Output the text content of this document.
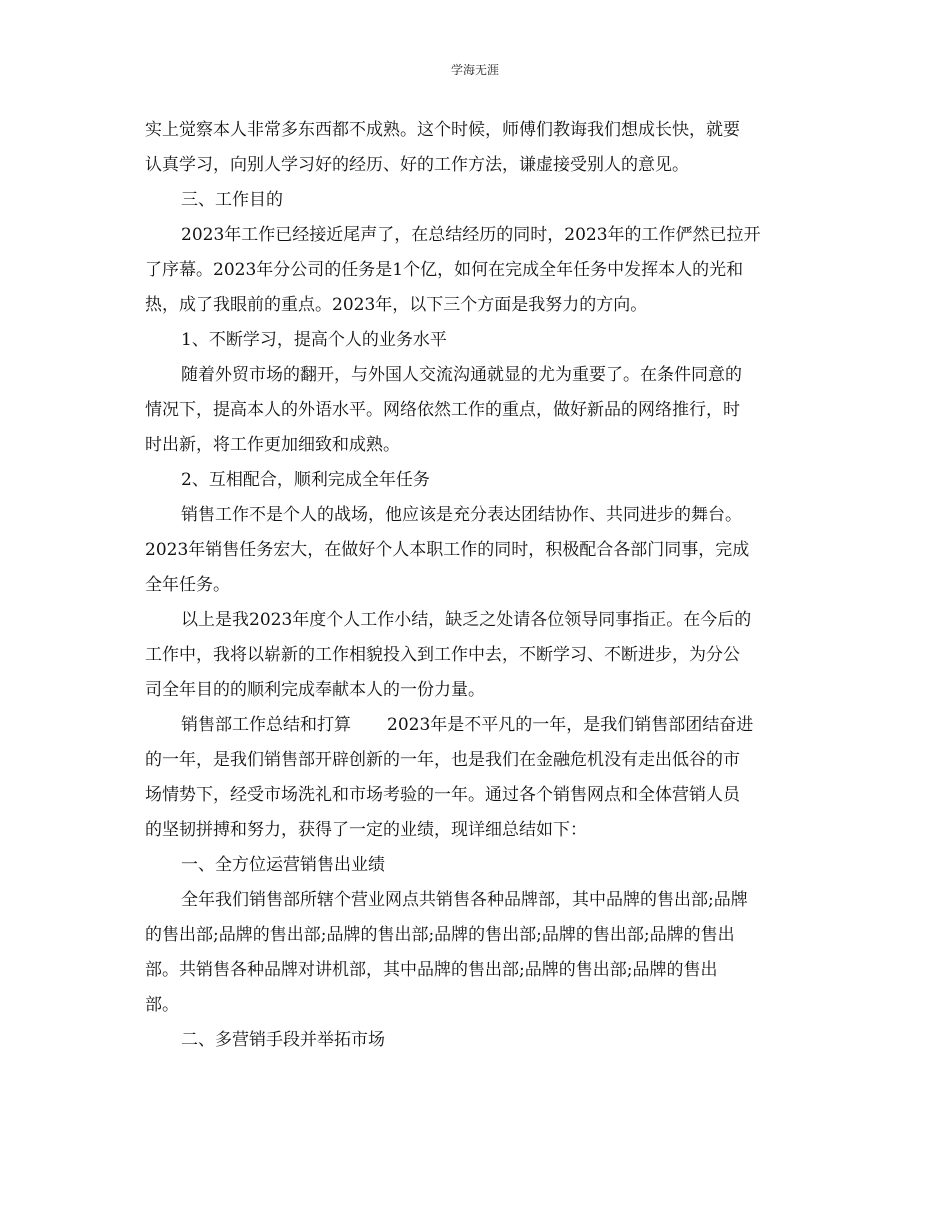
学海无涯
实上觉察本人非常多东西都不成熟。这个时候，师傅们教诲我们想成长快，就要
认真学习，向别人学习好的经历、好的工作方法，谦虚接受别人的意见。
三、工作目的
2023年工作已经接近尾声了，在总结经历的同时，2023年的工作俨然已拉开
了序幕。2023年分公司的任务是1个亿，如何在完成全年任务中发挥本人的光和
热，成了我眼前的重点。2023年，以下三个方面是我努力的方向。
1、不断学习，提高个人的业务水平
随着外贸市场的翻开，与外国人交流沟通就显的尤为重要了。在条件同意的
情况下，提高本人的外语水平。网络依然工作的重点，做好新品的网络推行，时
时出新，将工作更加细致和成熟。
2、互相配合，顺利完成全年任务
销售工作不是个人的战场，他应该是充分表达团结协作、共同进步的舞台。
2023年销售任务宏大，在做好个人本职工作的同时，积极配合各部门同事，完成
全年任务。
以上是我2023年度个人工作小结，缺乏之处请各位领导同事指正。在今后的
工作中，我将以崭新的工作相貌投入到工作中去，不断学习、不断进步，为分公
司全年目的的顺利完成奉献本人的一份力量。
销售部工作总结和打算 2023年是不平凡的一年，是我们销售部团结奋进
的一年，是我们销售部开辟创新的一年，也是我们在金融危机没有走出低谷的市
场情势下，经受市场洗礼和市场考验的一年。通过各个销售网点和全体营销人员
的坚韧拼搏和努力，获得了一定的业绩，现详细总结如下：
一、全方位运营销售出业绩
全年我们销售部所辖个营业网点共销售各种品牌部，其中品牌的售出部;品牌
的售出部;品牌的售出部;品牌的售出部;品牌的售出部;品牌的售出部;品牌的售出
部。共销售各种品牌对讲机部，其中品牌的售出部;品牌的售出部;品牌的售出
部。
二、多营销手段并举拓市场
